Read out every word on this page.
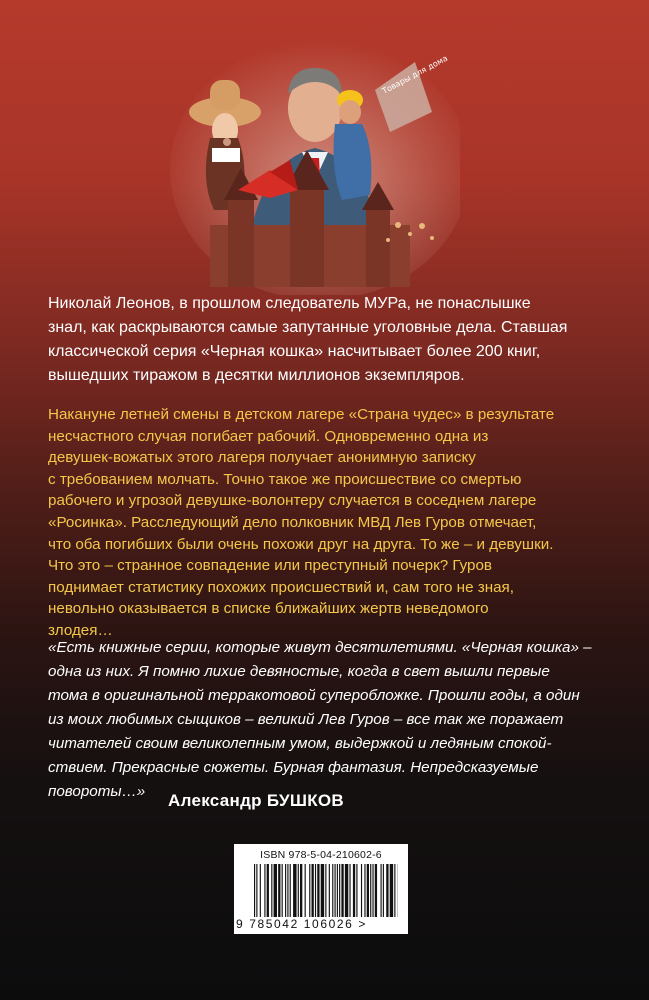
Товары для дома

Николай Леонов, в прошлом следователь МУРа, не понаслышке

знал, как раскрываются самые запутанные уголовные дела. Ставшая

классической серия «Черная кошка» насчитывает более 200 книг,

вышедших тиражом в десятки миллионов экземпляров.

Накануне летней смены в детском лагере «Страна чудес» в результате

несчастного случая погибает рабочий. Одновременно одна из

девушек-вожатых этого лагеря получает анонимную записку

с требованием молчать. Точно такое же происшествие со смертью

рабочего и угрозой девушке-волонтеру случается в соседнем лагере

«Росинка». Расследующий дело полковник МВД Лев Гуров отмечает,

что оба погибших были очень похожи друг на друга. То же – и девушки.

Что это – странное совпадение или преступный почерк? Гуров

поднимает статистику похожих происшествий и, сам того не зная,

невольно оказывается в списке ближайших жертв неведомого

злодея…

«Есть книжные серии, которые живут десятилетиями. «Черная кошка» –

одна из них. Я помню лихие девяностые, когда в свет вышли первые

тома в оригинальной терракотовой суперобложке. Прошли годы, а один

из моих любимых сыщиков – великий Лев Гуров – все так же поражает

читателей своим великолепным умом, выдержкой и ледяным спокой-

ствием. Прекрасные сюжеты. Бурная фантазия. Непредсказуемые

повороты…»	Александр БУШКОВ
ISBN 978-5-04-210602-6
9 785042 106026 >
